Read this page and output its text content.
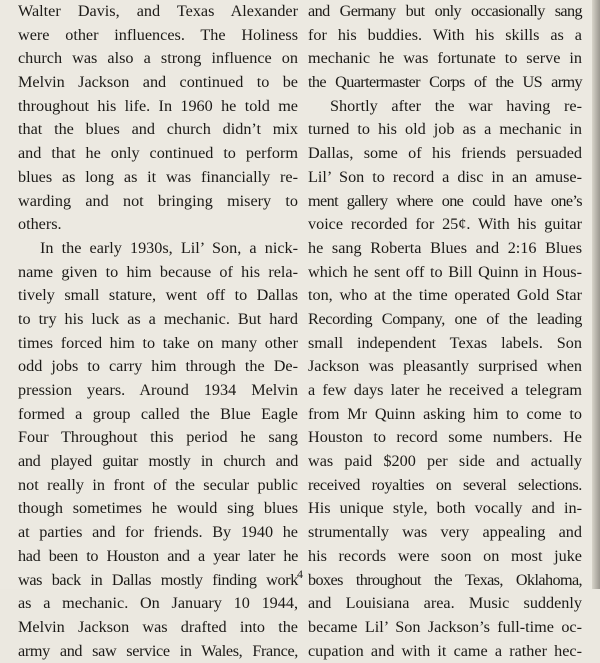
Walter Davis, and Texas Alexander
were other influences. The Holiness
church was also a strong influence on
Melvin Jackson and continued to be
throughout his life. In 1960 he told me
that the blues and church didn’t mix
and that he only continued to perform
blues as long as it was financially re-
warding and not bringing misery to
others.
In the early 1930s, Lil’ Son, a nick-
name given to him because of his rela-
tively small stature, went off to Dallas
to try his luck as a mechanic. But hard
times forced him to take on many other
odd jobs to carry him through the De-
pression years. Around 1934 Melvin
formed a group called the Blue Eagle
Four Throughout this period he sang
and played guitar mostly in church and
not really in front of the secular public
though sometimes he would sing blues
at parties and for friends. By 1940 he
had been to Houston and a year later he
was back in Dallas mostly finding work
as a mechanic. On January 10 1944,
Melvin Jackson was drafted into the
army and saw service in Wales, France,
and Germany but only occasionally sang
for his buddies. With his skills as a
mechanic he was fortunate to serve in
the Quartermaster Corps of the US army
Shortly after the war having re-
turned to his old job as a mechanic in
Dallas, some of his friends persuaded
Lil’ Son to record a disc in an amuse-
ment gallery where one could have one’s
voice recorded for 25¢. With his guitar
he sang Roberta Blues and 2:16 Blues
which he sent off to Bill Quinn in Hous-
ton, who at the time operated Gold Star
Recording Company, one of the leading
small independent Texas labels. Son
Jackson was pleasantly surprised when
a few days later he received a telegram
from Mr Quinn asking him to come to
Houston to record some numbers. He
was paid $200 per side and actually
received royalties on several selections.
His unique style, both vocally and in-
strumentally was very appealing and
his records were soon on most juke
boxes throughout the Texas, Oklahoma,
and Louisiana area. Music suddenly
became Lil’ Son Jackson’s full-time oc-
cupation and with it came a rather hec-
4
